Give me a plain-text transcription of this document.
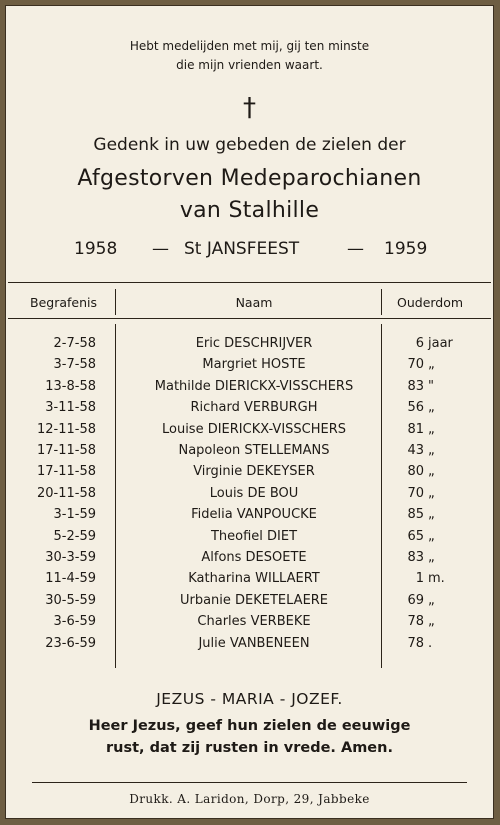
Hebt medelijden met mij, gij ten minste
die mijn vrienden waart.
†
Gedenk in uw gebeden de zielen der
Afgestorven Medeparochianen
van Stalhille
1958 — St JANSFEEST	— 1959
Begrafenis	Naam	Ouderdom
2-7-58	Eric DESCHRIJVER	6 jaar
3-7-58	Margriet HOSTE	70 „
13-8-58	Mathilde DIERICKX-VISSCHERS	83 "
3-11-58	Richard VERBURGH	56 „
12-11-58	Louise DIERICKX-VISSCHERS	81 „
17-11-58	Napoleon STELLEMANS	43 „
17-11-58	Virginie DEKEYSER	80 „
20-11-58	Louis DE BOU	70 „
3-1-59	Fidelia VANPOUCKE	85 „
5-2-59	Theofiel DIET	65 „
30-3-59	Alfons DESOETE	83 „
11-4-59	Katharina WILLAERT	1 m.
30-5-59	Urbanie DEKETELAERE	69 „
3-6-59	Charles VERBEKE	78 „
23-6-59	Julie VANBENEEN	78 .
JEZUS - MARIA - JOZEF.
Heer Jezus, geef hun zielen de eeuwige
rust, dat zij rusten in vrede. Amen.
Drukk. A. Laridon, Dorp, 29, Jabbeke
